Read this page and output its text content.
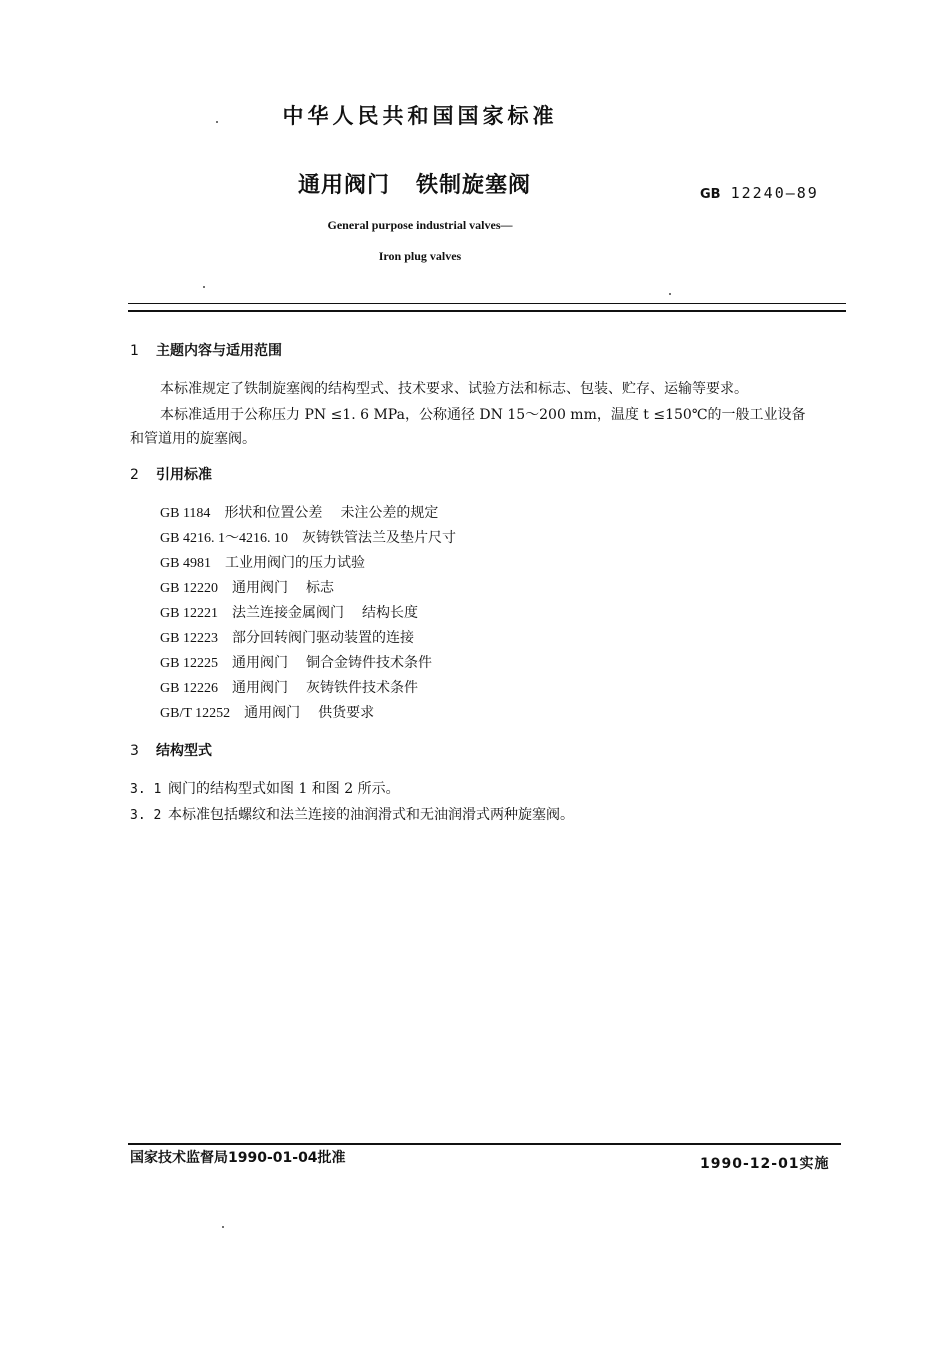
中华人民共和国国家标准
通用阀门 铁制旋塞阀	GB 12240—89
General purpose industrial valves—
Iron plug valves
1 主题内容与适用范围
本标准规定了铁制旋塞阀的结构型式、技术要求、试验方法和标志、包装、贮存、运输等要求。
本标准适用于公称压力 PN ≤1. 6 MPa，公称通径 DN 15～200 mm，温度 t ≤150℃的一般工业设备
和管道用的旋塞阀。
2 引用标准
GB 1184 形状和位置公差 未注公差的规定
GB 4216. 1～4216. 10 灰铸铁管法兰及垫片尺寸
GB 4981 工业用阀门的压力试验
GB 12220 通用阀门 标志
GB 12221 法兰连接金属阀门 结构长度
GB 12223 部分回转阀门驱动装置的连接
GB 12225 通用阀门 铜合金铸件技术条件
GB 12226 通用阀门 灰铸铁件技术条件
GB/T 12252 通用阀门 供货要求
3 结构型式
3. 1 阀门的结构型式如图 1 和图 2 所示。
3. 2 本标准包括螺纹和法兰连接的油润滑式和无油润滑式两种旋塞阀。
国家技术监督局1990-01-04批准	1990-12-01实施
